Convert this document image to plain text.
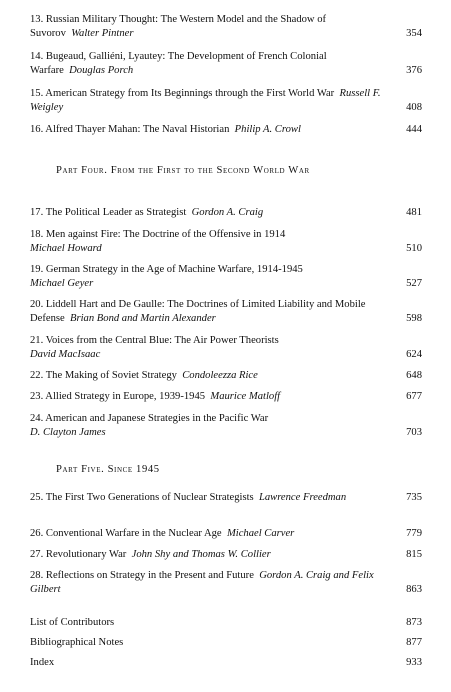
13. Russian Military Thought: The Western Model and the Shadow of Suvorov Walter Pintner	354
14. Bugeaud, Galliéni, Lyautey: The Development of French Colonial Warfare Douglas Porch	376
15. American Strategy from Its Beginnings through the First World War Russell F. Weigley	408
16. Alfred Thayer Mahan: The Naval Historian Philip A. Crowl	444
Part Four. From the First to the Second World War
17. The Political Leader as Strategist Gordon A. Craig	481
18. Men against Fire: The Doctrine of the Offensive in 1914
Michael Howard	510
19. German Strategy in the Age of Machine Warfare, 1914-1945
Michael Geyer	527
20. Liddell Hart and De Gaulle: The Doctrines of Limited Liability and Mobile Defense Brian Bond and Martin Alexander	598
21. Voices from the Central Blue: The Air Power Theorists
David MacIsaac	624
22. The Making of Soviet Strategy Condoleezza Rice	648
23. Allied Strategy in Europe, 1939-1945 Maurice Matloff	677
24. American and Japanese Strategies in the Pacific War
D. Clayton James	703
Part Five. Since 1945
25. The First Two Generations of Nuclear Strategists Lawrence Freedman	735
26. Conventional Warfare in the Nuclear Age Michael Carver	779
27. Revolutionary War John Shy and Thomas W. Collier	815
28. Reflections on Strategy in the Present and Future Gordon A. Craig and Felix Gilbert	863
List of Contributors	873
Bibliographical Notes	877
Index	933
